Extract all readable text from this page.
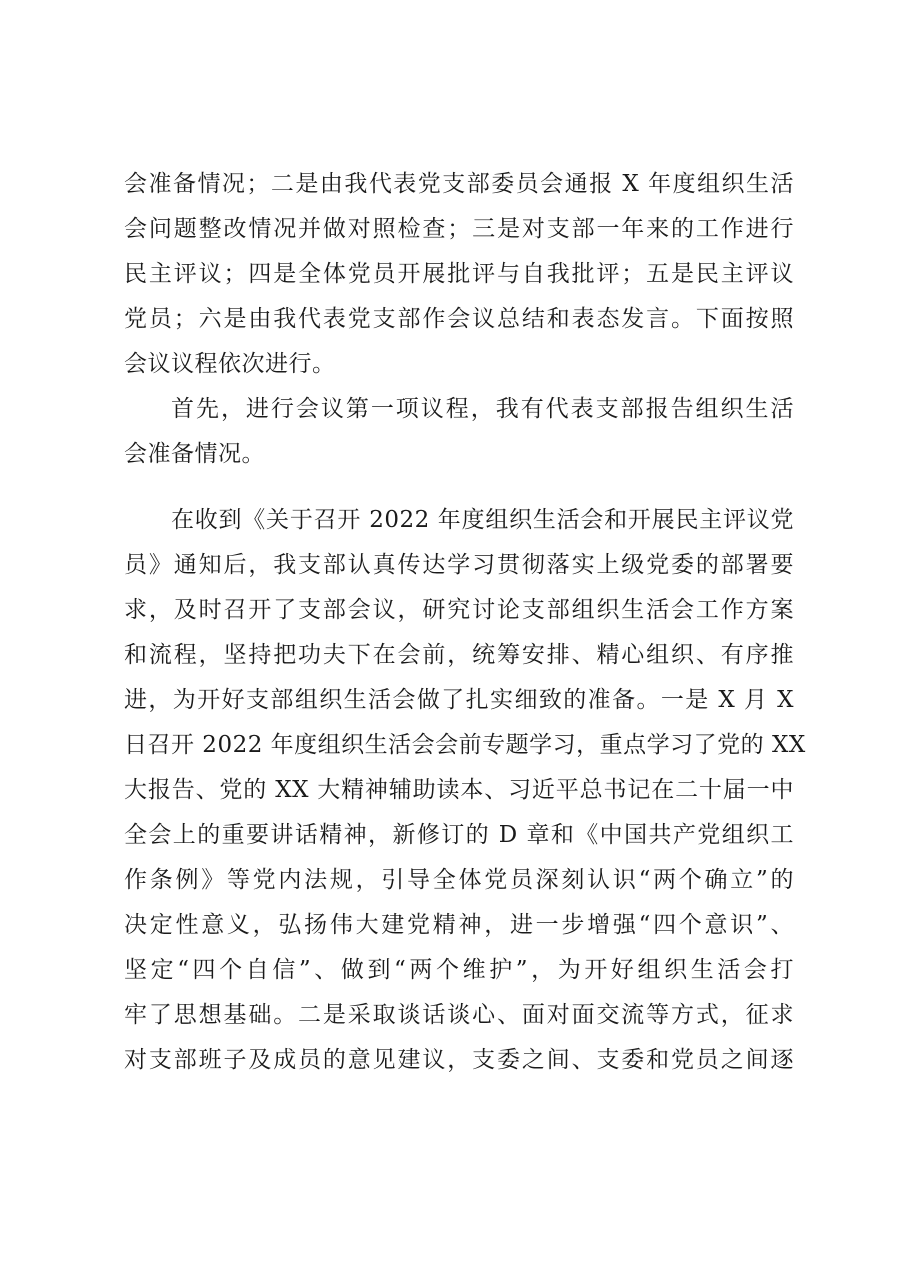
会准备情况；二是由我代表党支部委员会通报 X 年度组织生活
会问题整改情况并做对照检查；三是对支部一年来的工作进行
民主评议；四是全体党员开展批评与自我批评；五是民主评议
党员；六是由我代表党支部作会议总结和表态发言。下面按照
会议议程依次进行。
首先，进行会议第一项议程，我有代表支部报告组织生活
会准备情况。
在收到《关于召开 2022 年度组织生活会和开展民主评议党
员》通知后，我支部认真传达学习贯彻落实上级党委的部署要
求，及时召开了支部会议，研究讨论支部组织生活会工作方案
和流程，坚持把功夫下在会前，统筹安排、精心组织、有序推
进，为开好支部组织生活会做了扎实细致的准备。一是 X 月 X
日召开 2022 年度组织生活会会前专题学习，重点学习了党的 XX
大报告、党的 XX 大精神辅助读本、习近平总书记在二十届一中
全会上的重要讲话精神，新修订的 D 章和《中国共产党组织工
作条例》等党内法规，引导全体党员深刻认识“两个确立”的
决定性意义，弘扬伟大建党精神，进一步增强“四个意识”、
坚定“四个自信”、做到“两个维护”，为开好组织生活会打
牢了思想基础。二是采取谈话谈心、面对面交流等方式，征求
对支部班子及成员的意见建议，支委之间、支委和党员之间逐
